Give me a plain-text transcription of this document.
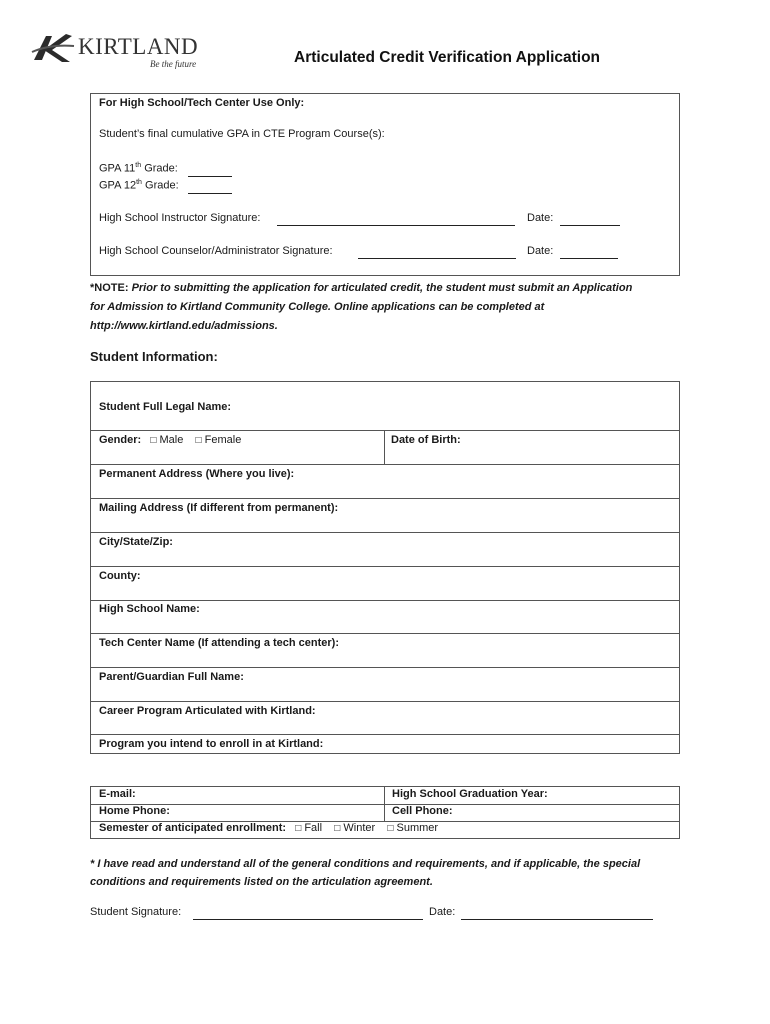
KIRTLAND
Be the future	Articulated Credit Verification Application
For High School/Tech Center Use Only:
Student’s final cumulative GPA in CTE Program Course(s):
GPA 11th Grade:
GPA 12th Grade:
High School Instructor Signature:	Date:
High School Counselor/Administrator Signature:	Date:
*NOTE: Prior to submitting the application for articulated credit, the student must submit an Application
for Admission to Kirtland Community College. Online applications can be completed at
http://www.kirtland.edu/admissions.
Student Information:
Student Full Legal Name:
Gender: □ Male □ Female	Date of Birth:
Permanent Address (Where you live):
Mailing Address (If different from permanent):
City/State/Zip:
County:
High School Name:
Tech Center Name (If attending a tech center):
Parent/Guardian Full Name:
Career Program Articulated with Kirtland:
Program you intend to enroll in at Kirtland:
E-mail:	High School Graduation Year:
Home Phone:	Cell Phone:
Semester of anticipated enrollment: □ Fall □ Winter □ Summer
* I have read and understand all of the general conditions and requirements, and if applicable, the special
conditions and requirements listed on the articulation agreement.
Student Signature:	Date:
